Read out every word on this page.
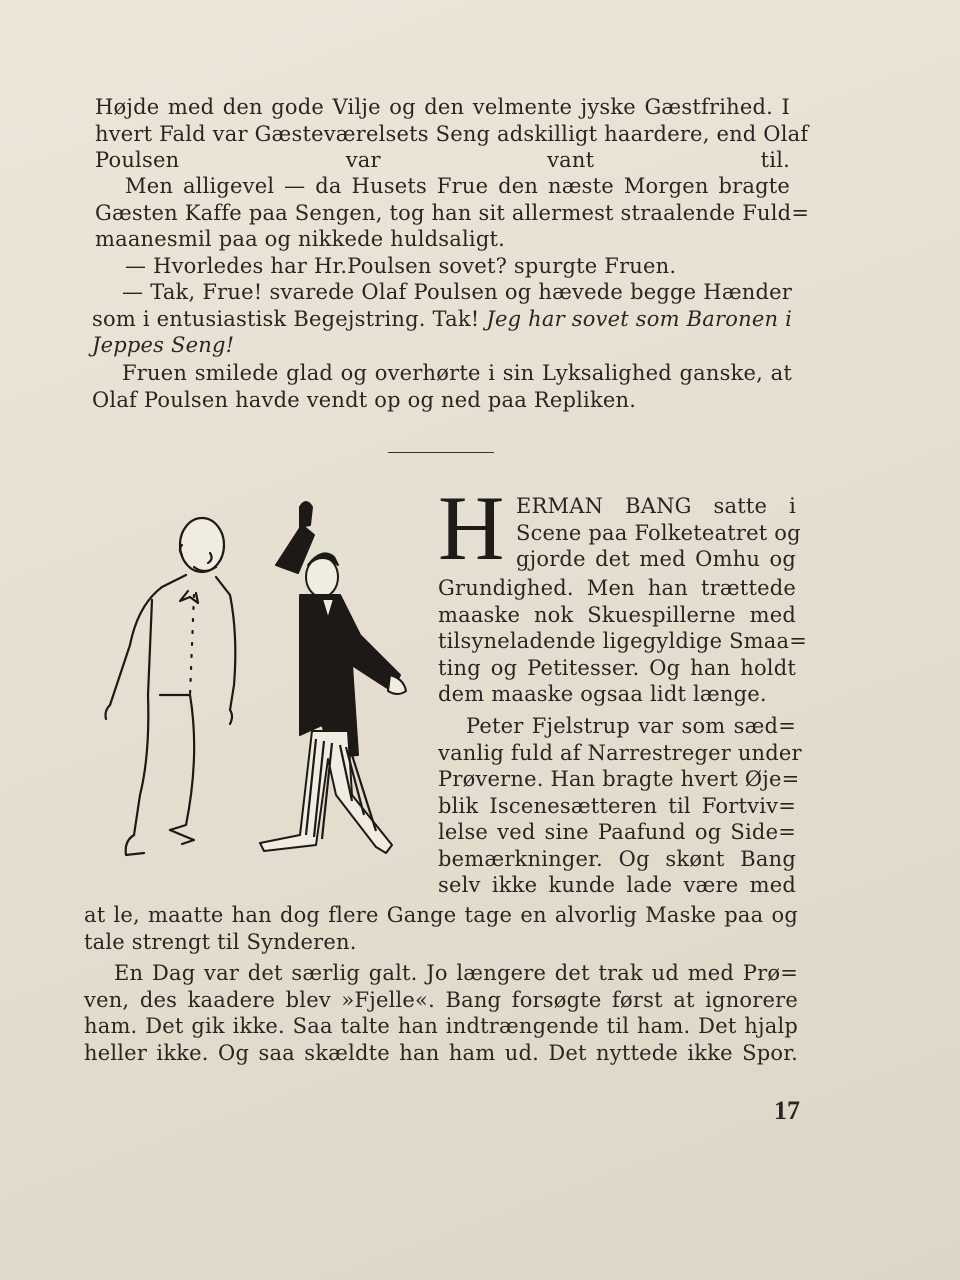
Højde med den gode Vilje og den velmente jyske Gæstfrihed. I
hvert Fald var Gæsteværelsets Seng adskilligt haardere, end Olaf
Poulsen var vant til.
Men alligevel — da Husets Frue den næste Morgen bragte
Gæsten Kaffe paa Sengen, tog han sit allermest straalende Fuld=
maanesmil paa og nikkede huldsaligt.
— Hvorledes har Hr.Poulsen sovet? spurgte Fruen.
— Tak, Frue! svarede Olaf Poulsen og hævede begge Hænder
som i entusiastisk Begejstring. Tak! Jeg har sovet som Baronen i
Jeppes Seng!
Fruen smilede glad og overhørte i sin Lyksalighed ganske, at
Olaf Poulsen havde vendt op og ned paa Repliken.
H ERMAN BANG satte i
Scene paa Folketeatret og
gjorde det med Omhu og
Grundighed. Men han trættede
maaske nok Skuespillerne med
tilsyneladende ligegyldige Smaa=
ting og Petitesser. Og han holdt
dem maaske ogsaa lidt længe.
Peter Fjelstrup var som sæd=
vanlig fuld af Narrestreger under
Prøverne. Han bragte hvert Øje=
blik Iscenesætteren til Fortviv=
lelse ved sine Paafund og Side=
bemærkninger. Og skønt Bang
selv ikke kunde lade være med
at le, maatte han dog flere Gange tage en alvorlig Maske paa og
tale strengt til Synderen.
En Dag var det særlig galt. Jo længere det trak ud med Prø=
ven, des kaadere blev »Fjelle«. Bang forsøgte først at ignorere
ham. Det gik ikke. Saa talte han indtrængende til ham. Det hjalp
heller ikke. Og saa skældte han ham ud. Det nyttede ikke Spor.
17
